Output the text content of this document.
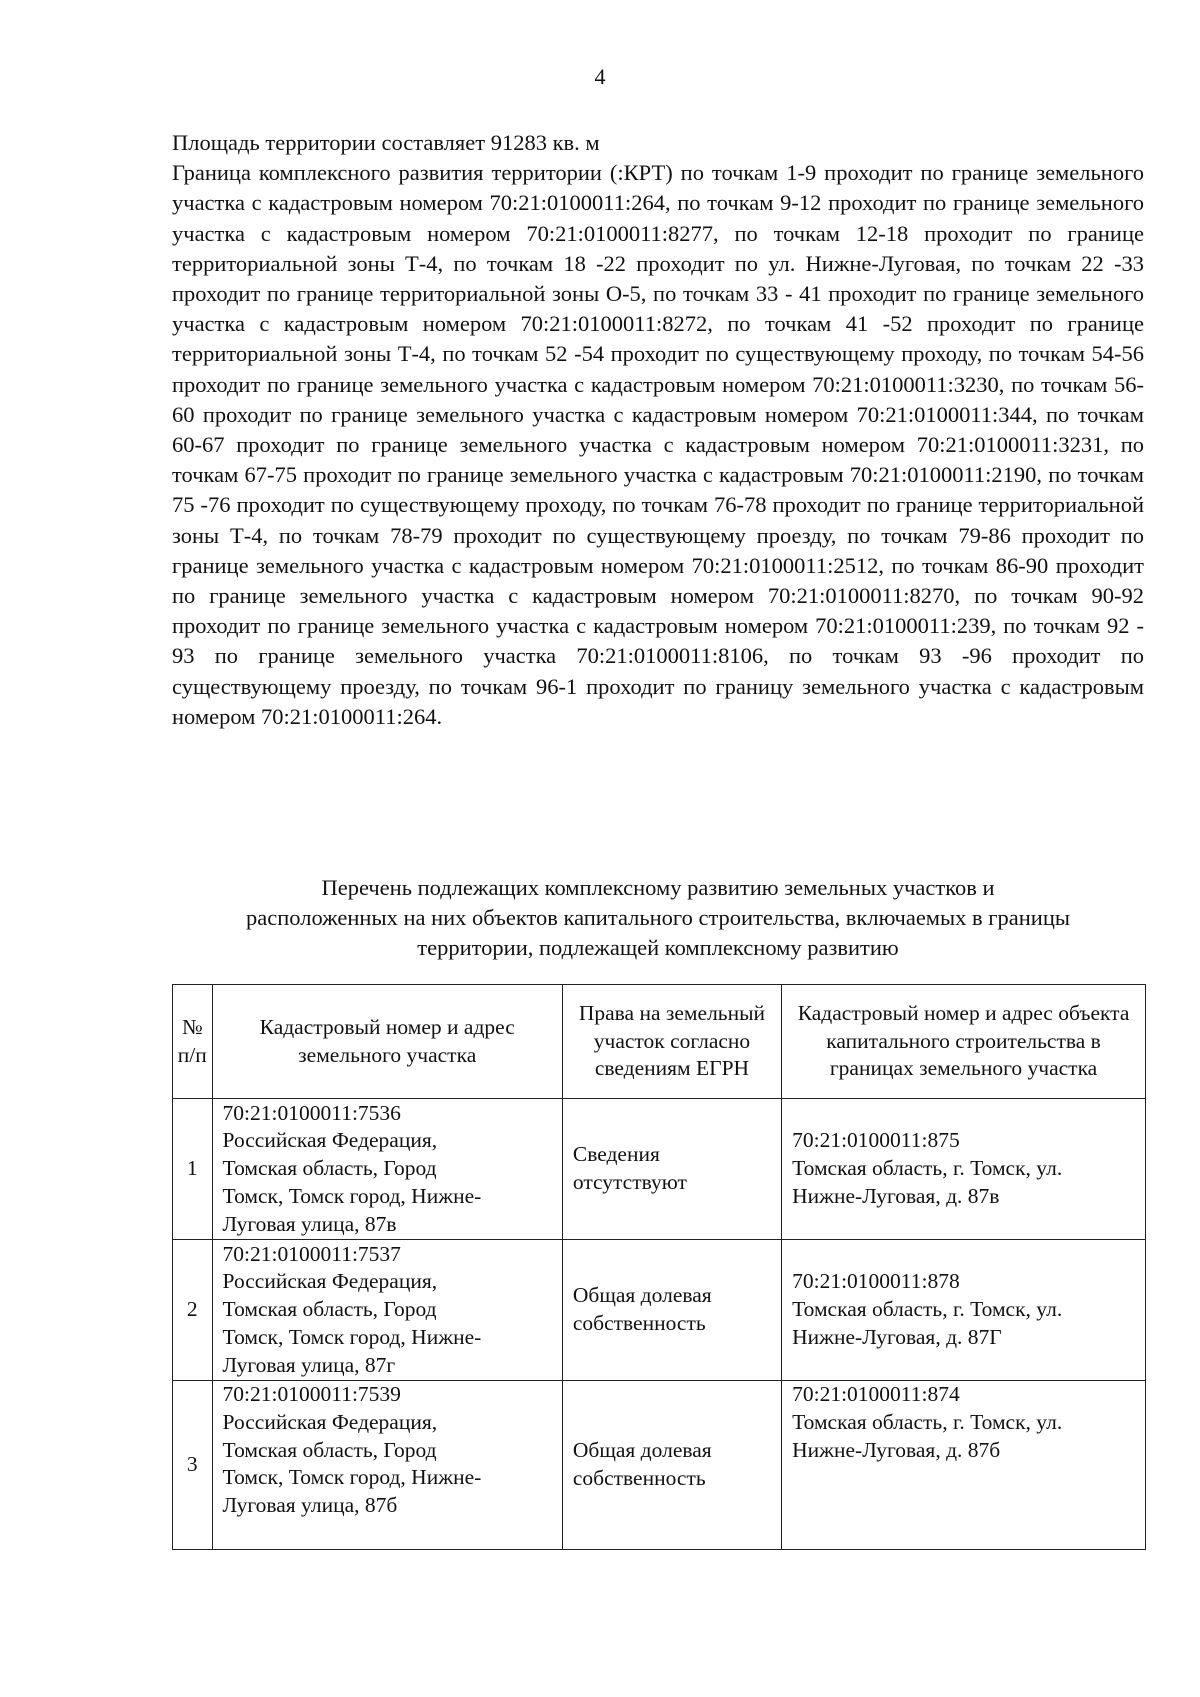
4

Площадь территории составляет 91283 кв. м

Граница комплексного развития территории (:КРТ) по точкам 1-9 проходит по границе земельного участка с кадастровым номером 70:21:0100011:264, по точкам 9-12 проходит по границе земельного участка с кадастровым номером 70:21:0100011:8277, по точкам 12-18 проходит по границе территориальной зоны Т-4, по точкам 18 -22 проходит по ул. Нижне-Луговая, по точкам 22 -33 проходит по границе территориальной зоны О-5, по точкам 33 - 41 проходит по границе земельного участка с кадастровым номером 70:21:0100011:8272, по точкам 41 -52 проходит по границе территориальной зоны Т-4, по точкам 52 -54 проходит по существующему проходу, по точкам 54-56 проходит по границе земельного участка с кадастровым номером 70:21:0100011:3230, по точкам 56-60 проходит по границе земельного участка с кадастровым номером 70:21:0100011:344, по точкам 60-67 проходит по границе земельного участка с кадастровым номером 70:21:0100011:3231, по точкам 67-75 проходит по границе земельного участка с кадастровым 70:21:0100011:2190, по точкам 75 -76 проходит по существующему проходу, по точкам 76-78 проходит по границе территориальной зоны Т-4, по точкам 78-79 проходит по существующему проезду, по точкам 79-86 проходит по границе земельного участка с кадастровым номером 70:21:0100011:2512, по точкам 86-90 проходит по границе земельного участка с кадастровым номером 70:21:0100011:8270, по точкам 90-92 проходит по границе земельного участка с кадастровым номером 70:21:0100011:239, по точкам 92 - 93 по границе земельного участка 70:21:0100011:8106, по точкам 93 -96 проходит по существующему проезду, по точкам 96-1 проходит по границу земельного участка с кадастровым номером 70:21:0100011:264.

Перечень подлежащих комплексному развитию земельных участков и
расположенных на них объектов капитального строительства, включаемых в границы
территории, подлежащей комплексному развитию
№ п/п	Кадастровый номер и адрес земельного участка	Права на земельный участок согласно сведениям ЕГРН	Кадастровый номер и адрес объекта капитального строительства в границах земельного участка
1	70:21:0100011:7536
Российская Федерация,
Томская область, Город
Томск, Томск город, Нижне-
Луговая улица, 87в	Сведения отсутствуют	70:21:0100011:875
Томская область, г. Томск, ул. Нижне-Луговая, д. 87в
2	70:21:0100011:7537
Российская Федерация,
Томская область, Город
Томск, Томск город, Нижне-
Луговая улица, 87г	Общая долевая собственность	70:21:0100011:878
Томская область, г. Томск, ул. Нижне-Луговая, д. 87Г
3	70:21:0100011:7539
Российская Федерация,
Томская область, Город
Томск, Томск город, Нижне-
Луговая улица, 87б	Общая долевая собственность	70:21:0100011:874
Томская область, г. Томск, ул. Нижне-Луговая, д. 87б
